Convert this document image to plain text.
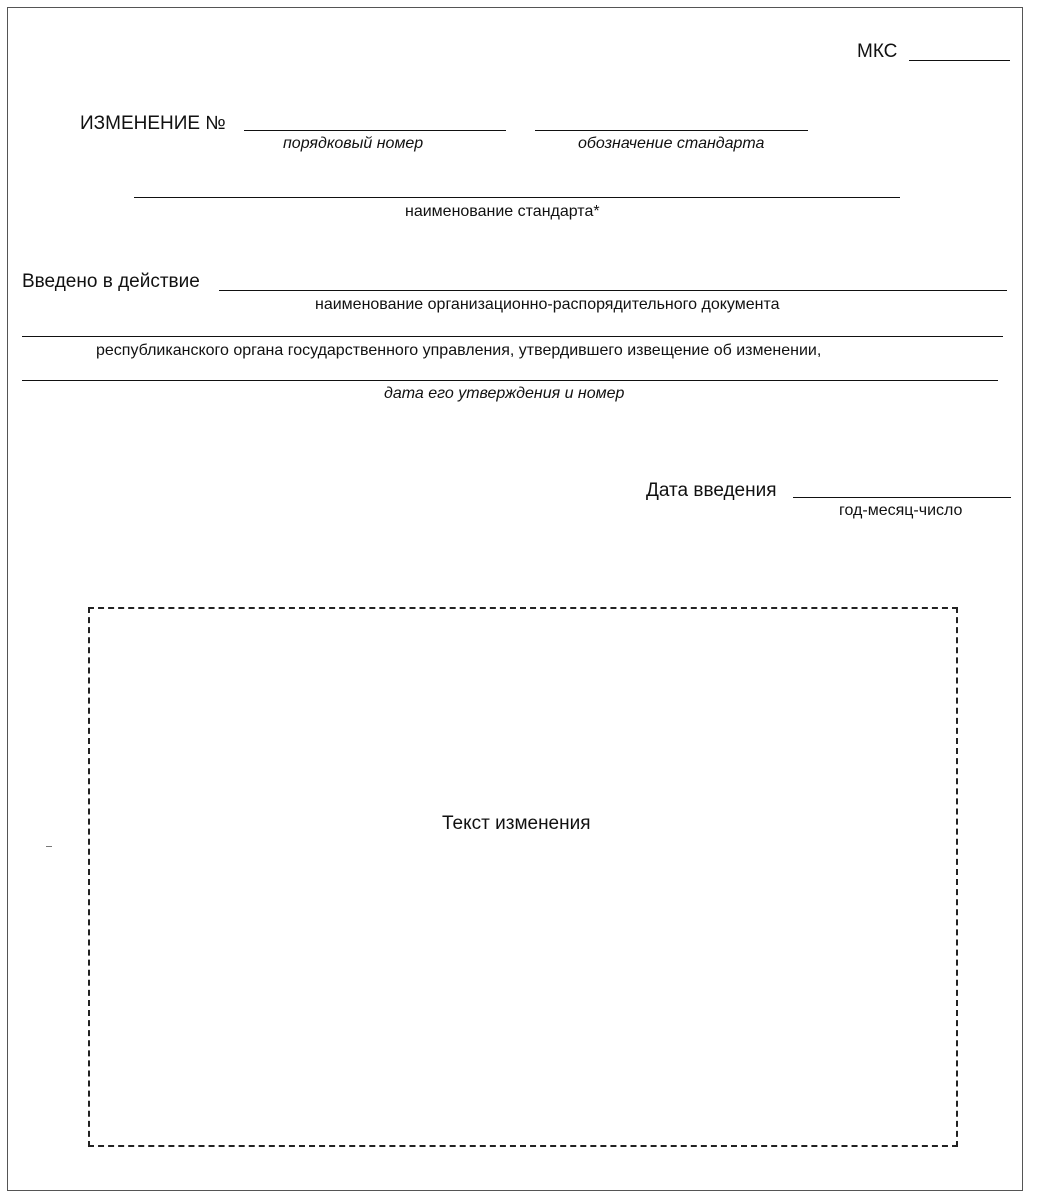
МКС
ИЗМЕНЕНИЕ №
порядковый номер	обозначение стандарта
наименование стандарта*
Введено в действие
наименование организационно-распорядительного документа
республиканского органа государственного управления, утвердившего извещение об изменении,
дата его утверждения и номер
Дата введения
год-месяц-число
Текст изменения
